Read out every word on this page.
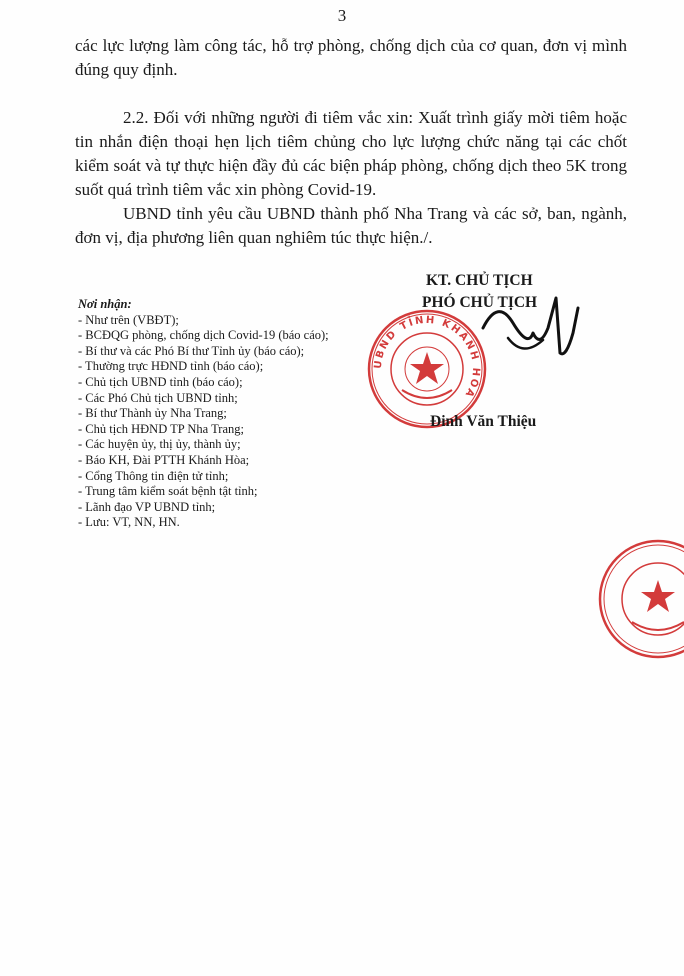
3
các lực lượng làm công tác, hỗ trợ phòng, chống dịch của cơ quan, đơn vị mình đúng quy định.
2.2. Đối với những người đi tiêm vắc xin: Xuất trình giấy mời tiêm hoặc tin nhắn điện thoại hẹn lịch tiêm chủng cho lực lượng chức năng tại các chốt kiểm soát và tự thực hiện đầy đủ các biện pháp phòng, chống dịch theo 5K trong suốt quá trình tiêm vắc xin phòng Covid-19.
UBND tỉnh yêu cầu UBND thành phố Nha Trang và các sở, ban, ngành, đơn vị, địa phương liên quan nghiêm túc thực hiện./.
Nơi nhận:
- Như trên (VBĐT);
- BCĐQG phòng, chống dịch Covid-19 (báo cáo);
- Bí thư và các Phó Bí thư Tỉnh ủy (báo cáo);
- Thường trực HĐND tỉnh (báo cáo);
- Chủ tịch UBND tỉnh (báo cáo);
- Các Phó Chủ tịch UBND tỉnh;
- Bí thư Thành ủy Nha Trang;
- Chủ tịch HĐND TP Nha Trang;
- Các huyện ủy, thị ủy, thành ủy;
- Báo KH, Đài PTTH Khánh Hòa;
- Cổng Thông tin điện tử tỉnh;
- Trung tâm kiểm soát bệnh tật tỉnh;
- Lãnh đạo VP UBND tỉnh;
- Lưu: VT, NN, HN.
KT. CHỦ TỊCH
PHÓ CHỦ TỊCH
UBND TỈNH KHÁNH HÒA
Đinh Văn Thiệu
